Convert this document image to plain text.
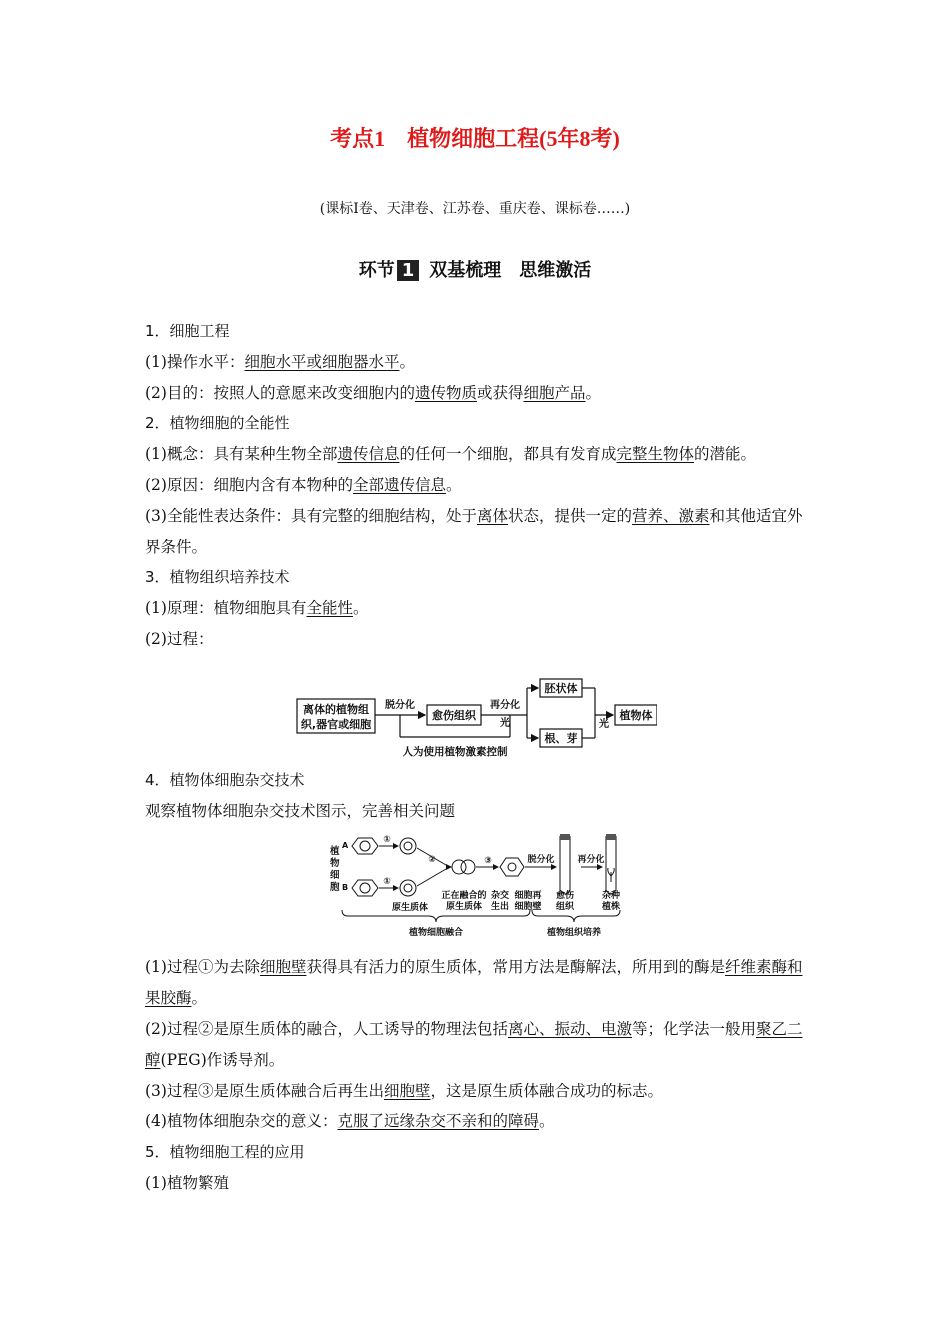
考点1　植物细胞工程(5年8考)
(课标Ⅰ卷、天津卷、江苏卷、重庆卷、课标卷……)
环节 1 双基梳理　思维激活

1．细胞工程

(1)操作水平：细胞水平或细胞器水平。

(2)目的：按照人的意愿来改变细胞内的遗传物质或获得细胞产品。

2．植物细胞的全能性

(1)概念：具有某种生物全部遗传信息的任何一个细胞，都具有发育成完整生物体的潜能。

(2)原因：细胞内含有本物种的全部遗传信息。

(3)全能性表达条件：具有完整的细胞结构，处于离体状态，提供一定的营养、激素和其他适宜外界条件。

3．植物组织培养技术

(1)原理：植物细胞具有全能性。

(2)过程：

离体的植物组
织,器官或细胞
脱分化
愈伤组织
再分化
光
胚状体
根、芽
光
植物体
人为使用植物激素控制

4．植物体细胞杂交技术

观察植物体细胞杂交技术图示，完善相关问题

植
物
细
胞
A
B
①
①
②	③	脱分化	再分化
原生质体
正在融合的
原生质体
杂交
生出
细胞再
细胞壁
愈伤
组织
杂种
植株
植物细胞融合	植物组织培养

(1)过程①为去除细胞壁获得具有活力的原生质体，常用方法是酶解法，所用到的酶是纤维素酶和果胶酶。

(2)过程②是原生质体的融合，人工诱导的物理法包括离心、振动、电激等；化学法一般用聚乙二醇(PEG)作诱导剂。

(3)过程③是原生质体融合后再生出细胞壁，这是原生质体融合成功的标志。

(4)植物体细胞杂交的意义：克服了远缘杂交不亲和的障碍。

5．植物细胞工程的应用

(1)植物繁殖
